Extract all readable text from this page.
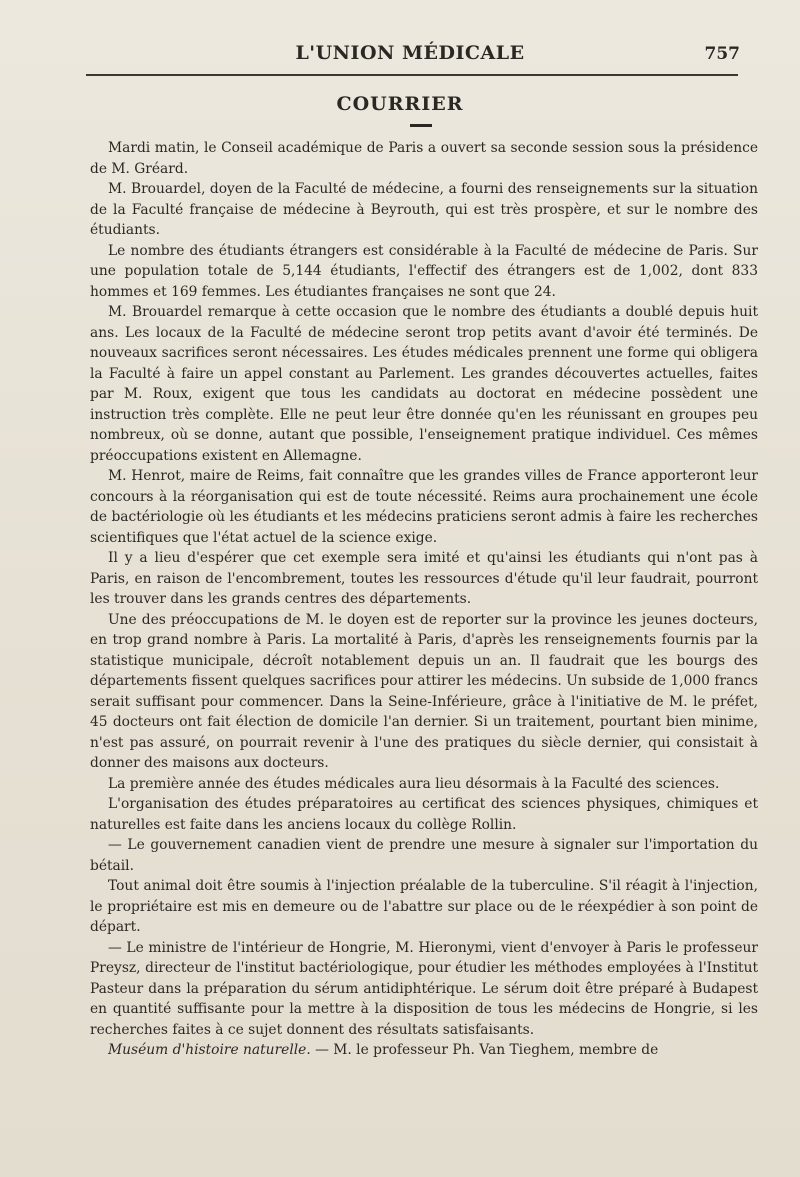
L'UNION MÉDICALE	757
COURRIER

Mardi matin, le Conseil académique de Paris a ouvert sa seconde session sous la présidence de M. Gréard.

M. Brouardel, doyen de la Faculté de médecine, a fourni des renseignements sur la situation de la Faculté française de médecine à Beyrouth, qui est très prospère, et sur le nombre des étudiants.

Le nombre des étudiants étrangers est considérable à la Faculté de médecine de Paris. Sur une population totale de 5,144 étudiants, l'effectif des étrangers est de 1,002, dont 833 hommes et 169 femmes. Les étudiantes françaises ne sont que 24.

M. Brouardel remarque à cette occasion que le nombre des étudiants a doublé depuis huit ans. Les locaux de la Faculté de médecine seront trop petits avant d'avoir été terminés. De nouveaux sacrifices seront nécessaires. Les études médicales prennent une forme qui obligera la Faculté à faire un appel constant au Parlement. Les grandes découvertes actuelles, faites par M. Roux, exigent que tous les candidats au doctorat en médecine possèdent une instruction très complète. Elle ne peut leur être donnée qu'en les réunissant en groupes peu nombreux, où se donne, autant que possible, l'enseignement pratique individuel. Ces mêmes préoccupations existent en Allemagne.

M. Henrot, maire de Reims, fait connaître que les grandes villes de France apporteront leur concours à la réorganisation qui est de toute nécessité. Reims aura prochainement une école de bactériologie où les étudiants et les médecins praticiens seront admis à faire les recherches scientifiques que l'état actuel de la science exige.

Il y a lieu d'espérer que cet exemple sera imité et qu'ainsi les étudiants qui n'ont pas à Paris, en raison de l'encombrement, toutes les ressources d'étude qu'il leur faudrait, pourront les trouver dans les grands centres des départements.

Une des préoccupations de M. le doyen est de reporter sur la province les jeunes docteurs, en trop grand nombre à Paris. La mortalité à Paris, d'après les renseignements fournis par la statistique municipale, décroît notablement depuis un an. Il faudrait que les bourgs des départements fissent quelques sacrifices pour attirer les médecins. Un subside de 1,000 francs serait suffisant pour commencer. Dans la Seine-Inférieure, grâce à l'initiative de M. le préfet, 45 docteurs ont fait élection de domicile l'an dernier. Si un traitement, pourtant bien minime, n'est pas assuré, on pourrait revenir à l'une des pratiques du siècle dernier, qui consistait à donner des maisons aux docteurs.

La première année des études médicales aura lieu désormais à la Faculté des sciences.

L'organisation des études préparatoires au certificat des sciences physiques, chimiques et naturelles est faite dans les anciens locaux du collège Rollin.

— Le gouvernement canadien vient de prendre une mesure à signaler sur l'importation du bétail.

Tout animal doit être soumis à l'injection préalable de la tuberculine. S'il réagit à l'injection, le propriétaire est mis en demeure ou de l'abattre sur place ou de le réexpédier à son point de départ.

— Le ministre de l'intérieur de Hongrie, M. Hieronymi, vient d'envoyer à Paris le professeur Preysz, directeur de l'institut bactériologique, pour étudier les méthodes employées à l'Institut Pasteur dans la préparation du sérum antidiphtérique. Le sérum doit être préparé à Budapest en quantité suffisante pour la mettre à la disposition de tous les médecins de Hongrie, si les recherches faites à ce sujet donnent des résultats satisfaisants.

Muséum d'histoire naturelle. — M. le professeur Ph. Van Tieghem, membre de
